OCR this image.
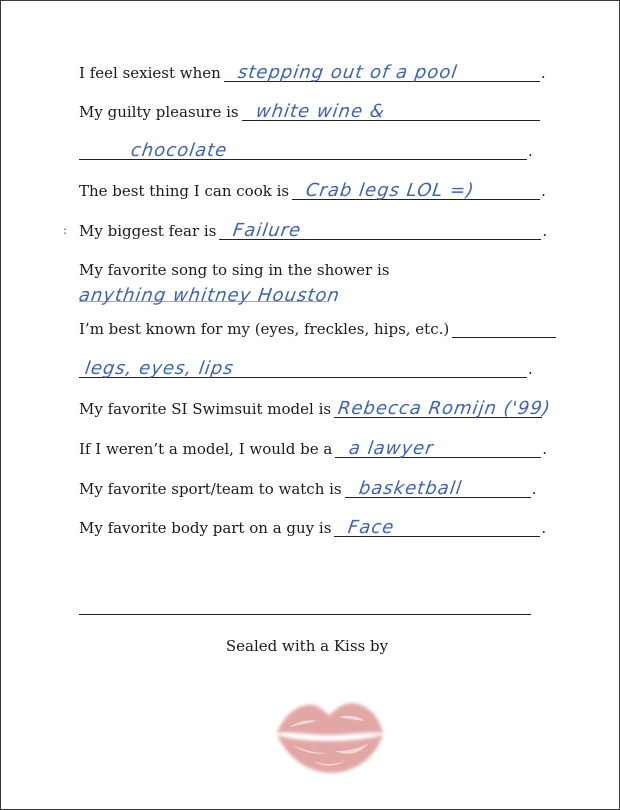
:
I feel sexiest when stepping out of a pool	.
My guilty pleasure is white wine &
chocolate	.
The best thing I can cook is Crab legs LOL =)	.
My biggest fear is Failure	.
My favorite song to sing in the shower is
anything whitney Houston
I’m best known for my (eyes, freckles, hips, etc.)
legs, eyes, lips	.
My favorite SI Swimsuit model is Rebecca Romijn ('99)
If I weren’t a model, I would be a a lawyer	.
My favorite sport/team to watch is basketball	.
My favorite body part on a guy is Face	.
Sealed with a Kiss by
